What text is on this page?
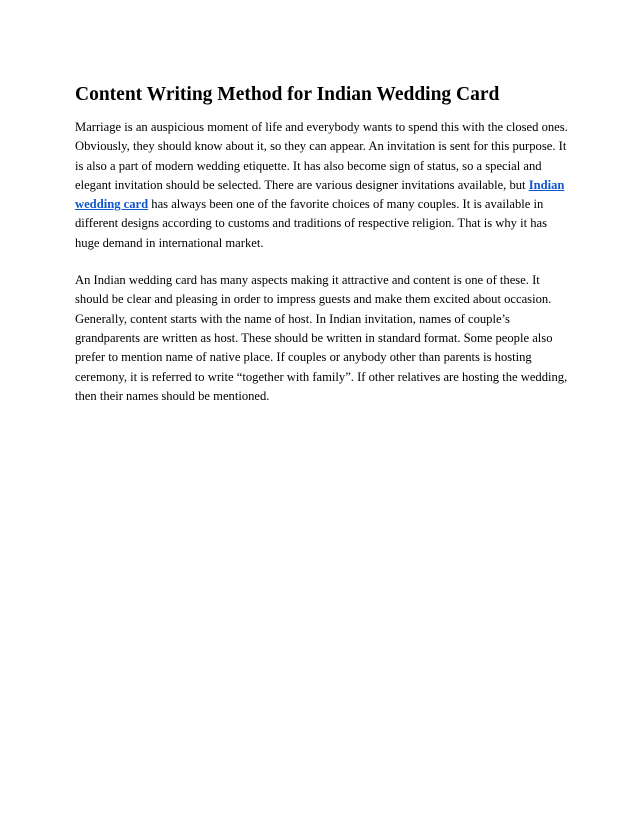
Content Writing Method for Indian Wedding Card

Marriage is an auspicious moment of life and everybody wants to spend this with the closed ones. Obviously, they should know about it, so they can appear. An invitation is sent for this purpose. It is also a part of modern wedding etiquette. It has also become sign of status, so a special and elegant invitation should be selected. There are various designer invitations available, but Indian wedding card has always been one of the favorite choices of many couples. It is available in different designs according to customs and traditions of respective religion. That is why it has huge demand in international market.

An Indian wedding card has many aspects making it attractive and content is one of these. It should be clear and pleasing in order to impress guests and make them excited about occasion. Generally, content starts with the name of host. In Indian invitation, names of couple’s grandparents are written as host. These should be written in standard format. Some people also prefer to mention name of native place. If couples or anybody other than parents is hosting ceremony, it is referred to write “together with family”. If other relatives are hosting the wedding, then their names should be mentioned.
